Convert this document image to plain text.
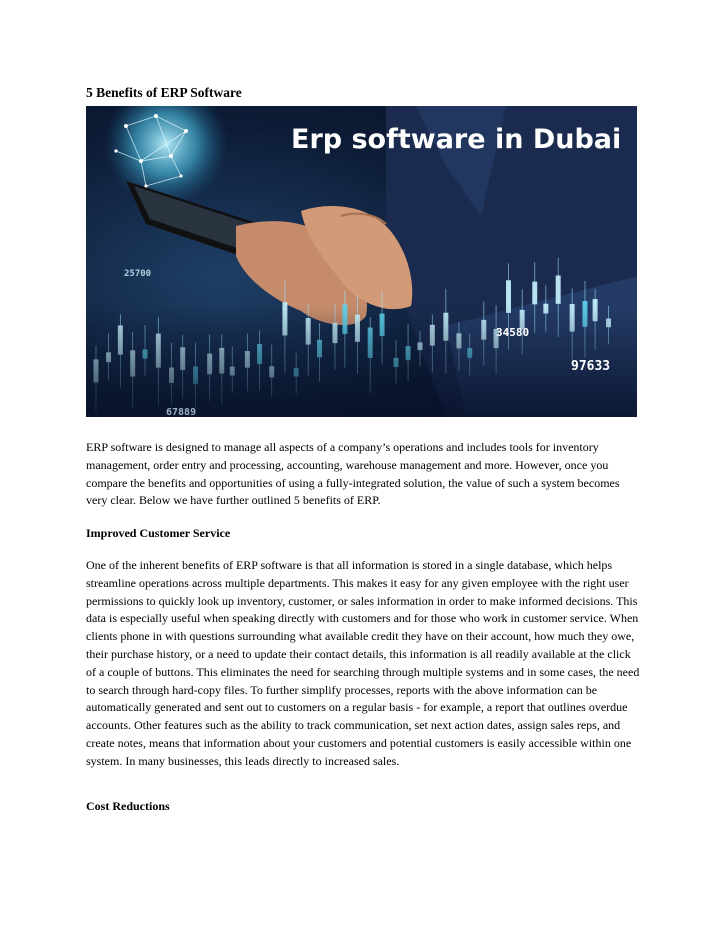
5 Benefits of ERP Software
Erp software in Dubai
25700
34580
97633
67889

ERP software is designed to manage all aspects of a company’s operations and includes tools for inventory management, order entry and processing, accounting, warehouse management and more. However, once you compare the benefits and opportunities of using a fully-integrated solution, the value of such a system becomes very clear. Below we have further outlined 5 benefits of ERP.

Improved Customer Service

One of the inherent benefits of ERP software is that all information is stored in a single database, which helps streamline operations across multiple departments. This makes it easy for any given employee with the right user permissions to quickly look up inventory, customer, or sales information in order to make informed decisions. This data is especially useful when speaking directly with customers and for those who work in customer service. When clients phone in with questions surrounding what available credit they have on their account, how much they owe, their purchase history, or a need to update their contact details, this information is all readily available at the click of a couple of buttons. This eliminates the need for searching through multiple systems and in some cases, the need to search through hard-copy files. To further simplify processes, reports with the above information can be automatically generated and sent out to customers on a regular basis - for example, a report that outlines overdue accounts. Other features such as the ability to track communication, set next action dates, assign sales reps, and create notes, means that information about your customers and potential customers is easily accessible within one system. In many businesses, this leads directly to increased sales.

Cost Reductions
